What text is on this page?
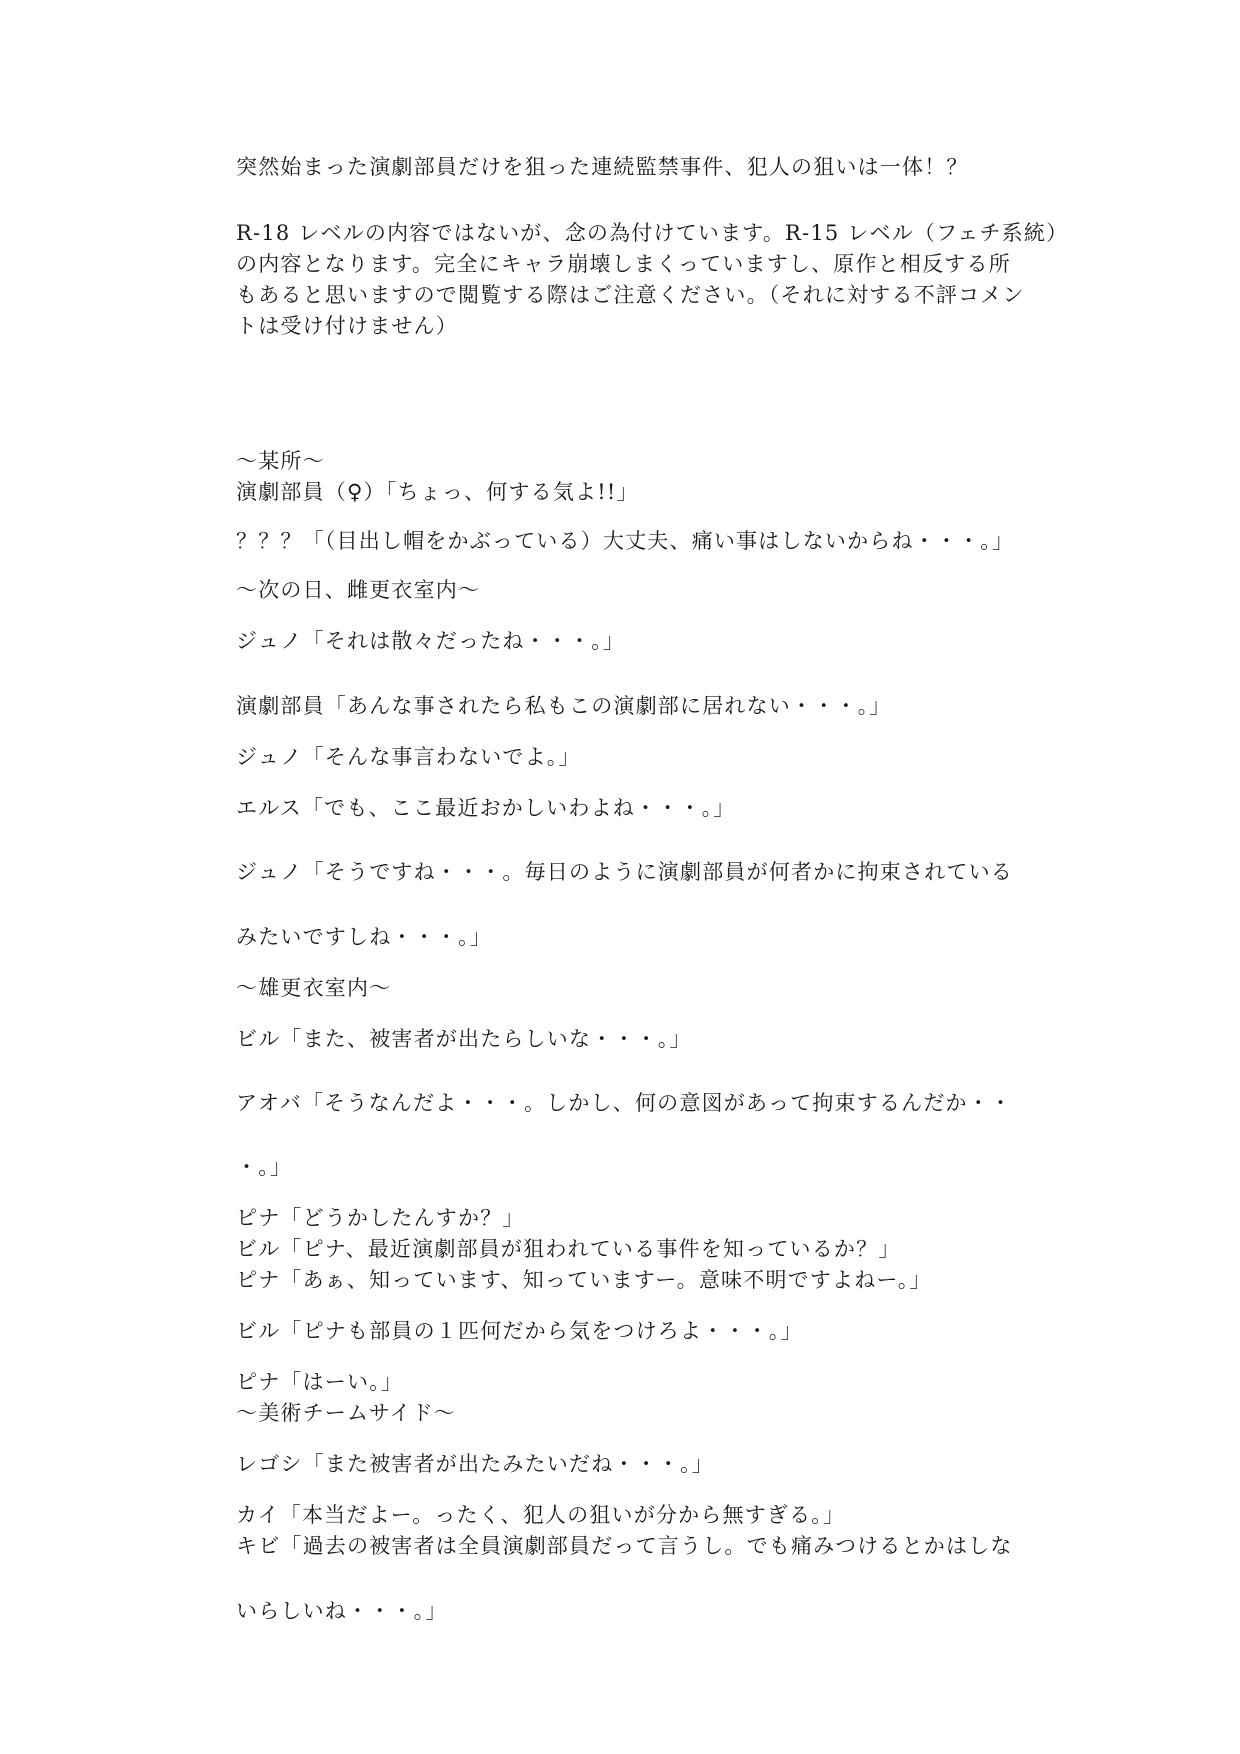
突然始まった演劇部員だけを狙った連続監禁事件、犯人の狙いは一体！？
R-18 レベルの内容ではないが、念の為付けています。R-15 レベル（フェチ系統）
の内容となります。完全にキャラ崩壊しまくっていますし、原作と相反する所
もあると思いますので閲覧する際はご注意ください。（それに対する不評コメン
トは受け付けません）
～某所～
演劇部員（♀）「ちょっ、何する気よ!!」
？？？「（目出し帽をかぶっている）大丈夫、痛い事はしないからね・・・。」
～次の日、雌更衣室内～
ジュノ「それは散々だったね・・・。」
演劇部員「あんな事されたら私もこの演劇部に居れない・・・。」
ジュノ「そんな事言わないでよ。」
エルス「でも、ここ最近おかしいわよね・・・。」
ジュノ「そうですね・・・。毎日のように演劇部員が何者かに拘束されている
みたいですしね・・・。」
～雄更衣室内～
ビル「また、被害者が出たらしいな・・・。」
アオバ「そうなんだよ・・・。しかし、何の意図があって拘束するんだか・・
・。」
ピナ「どうかしたんすか？」
ビル「ピナ、最近演劇部員が狙われている事件を知っているか？」
ピナ「あぁ、知っています、知っていますー。意味不明ですよねー。」
ビル「ピナも部員の１匹何だから気をつけろよ・・・。」
ピナ「はーい。」
～美術チームサイド～
レゴシ「また被害者が出たみたいだね・・・。」
カイ「本当だよー。ったく、犯人の狙いが分から無すぎる。」
キビ「過去の被害者は全員演劇部員だって言うし。でも痛みつけるとかはしな
いらしいね・・・。」
